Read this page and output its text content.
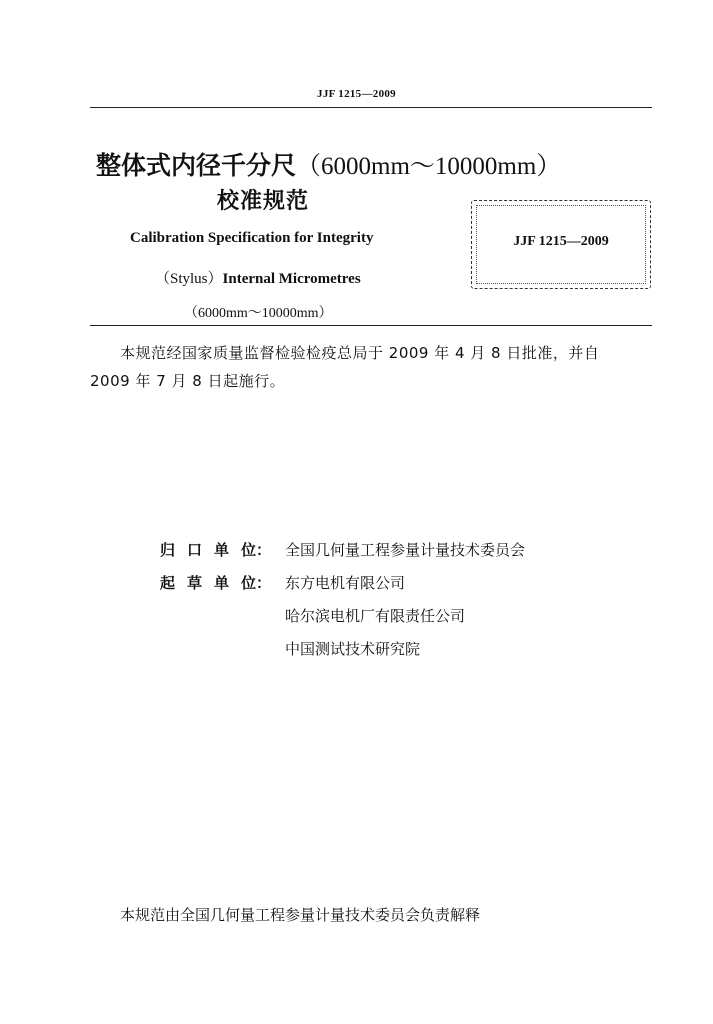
JJF 1215—2009
整体式内径千分尺（6000mm～10000mm）
校准规范
Calibration Specification for Integrity
（Stylus）Internal Micrometres
（6000mm～10000mm）
JJF 1215—2009
本规范经国家质量监督检验检疫总局于 2009 年 4 月 8 日批准，并自
2009 年 7 月 8 日起施行。
归 口 单 位： 全国几何量工程参量计量技术委员会
起 草 单 位： 东方电机有限公司
哈尔滨电机厂有限责任公司
中国测试技术研究院
本规范由全国几何量工程参量计量技术委员会负责解释
